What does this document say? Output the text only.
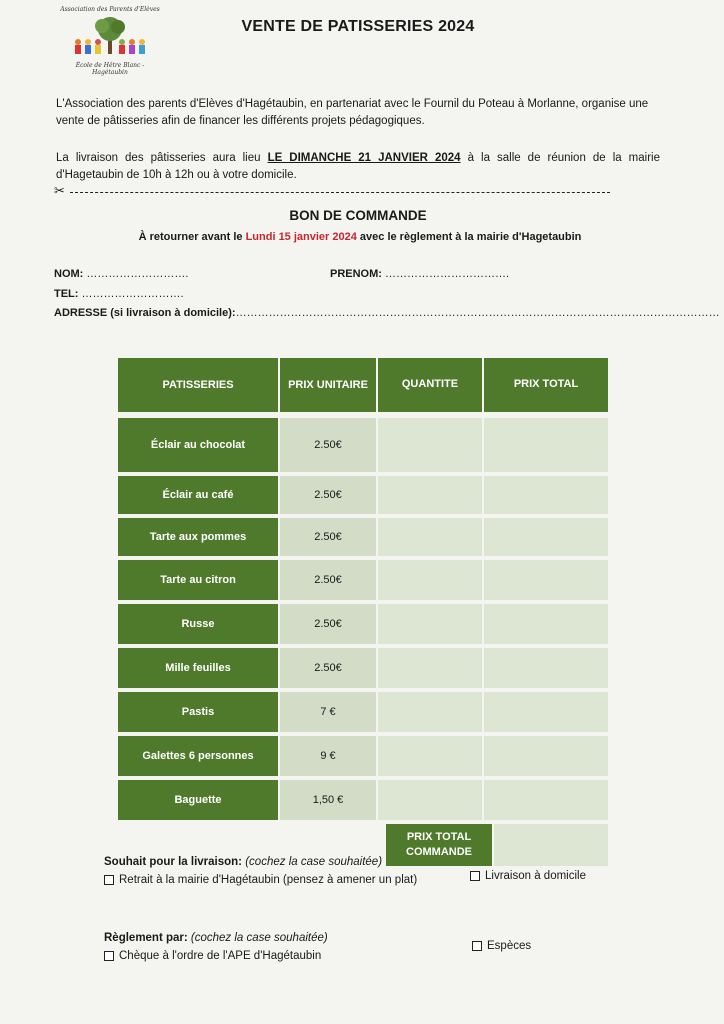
Association des Parents d'Elèves
École de Hêtre Blanc - Hagétaubin
VENTE DE PATISSERIES 2024
L'Association des parents d'Elèves d'Hagétaubin, en partenariat avec le Fournil du Poteau à Morlanne, organise une vente de pâtisseries afin de financer les différents projets pédagogiques.
La livraison des pâtisseries aura lieu LE DIMANCHE 21 JANVIER 2024 à la salle de réunion de la mairie d'Hagetaubin de 10h à 12h ou à votre domicile.
✂
BON DE COMMANDE
À retourner avant le Lundi 15 janvier 2024 avec le règlement à la mairie d'Hagetaubin
NOM: ……………………….	PRENOM: …………………………….
TEL: ……………………….
ADRESSE (si livraison à domicile):……………………………………………………………………………………………………………………
PATISSERIES	PRIX UNITAIRE	QUANTITE	PRIX TOTAL
Éclair au chocolat	2.50€
Éclair au café	2.50€
Tarte aux pommes	2.50€
Tarte au citron	2.50€
Russe	2.50€
Mille feuilles	2.50€
Pastis	7 €
Galettes 6 personnes	9 €
Baguette	1,50 €
PRIX TOTAL
COMMANDE
Souhait pour la livraison: (cochez la case souhaitée)
Retrait à la mairie d'Hagétaubin (pensez à amener un plat)	Livraison à domicile
Règlement par: (cochez la case souhaitée)
Chèque à l'ordre de l'APE d'Hagétaubin
Espèces
